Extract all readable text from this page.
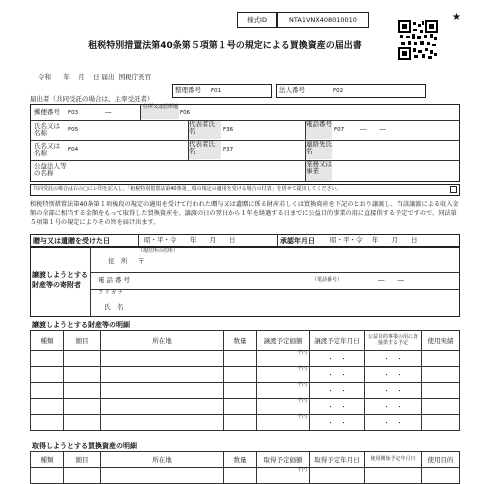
様式ID	NTA1VNX408010010	★
租税特別措置法第40条第５項第１号の規定による買換資産の届出書
令和 年 月 日 届出 国税庁長官
整理番号 F01	法人番号	F02
届出者（共同受託の場合は、主率受託者）
郵便番号 F03	―
住所又は居所地
F06
氏名又は名称	F05
代表者氏名	F36
電話番号
F07 ―　　―
氏名又は名称	F04
代表者氏名	F37
連絡先氏名
公益法人等の名称
業務又は事業
共同受託の場合は右の□にレ印を記入し、「租税特別措置法第40条第＿項の規定の適用を受ける場合の付表」を併せて提出してください。
租税特別措置法第40条第１項後段の規定の適用を受けて行われた贈与又は遺贈に係る財産若しくは買換資産を下記のとおり譲渡し、当該譲渡による収入金額の全部に相当する金額をもって取得した買換資産を、譲渡の日の翌日から１年を経過する日までに公益目的事業の用に直接供する予定ですので、同法第５項第１号の規定によりその旨を届け出ます。
贈与又は遺贈を受けた日	昭・平・令 年　　月　　日	承認年月日 昭・平・令 年　　月　　日
譲渡しようとする財産等の寄附者
住　所
（現住所の住所）
〒
電話番号	（電話番号）	―　　―
フ リ ガ ナ
氏　名
譲渡しようとする財産等の明細
種類	細目	所在地	数量	譲渡予定価額	譲渡予定年月日	公益目的事業の用に直接供する予定	使用実績
				千円	・　・	・　・	
				千円	・　・	・　・	
				千円	・　・	・　・	
				千円	・　・	・　・	
				千円	・　・	・　・	
取得しようとする買換資産の明細
種類	細目	所在地	数量	取得予定価額	取得予定年月日	使用開始予定年月日	使用目的
				千円			
